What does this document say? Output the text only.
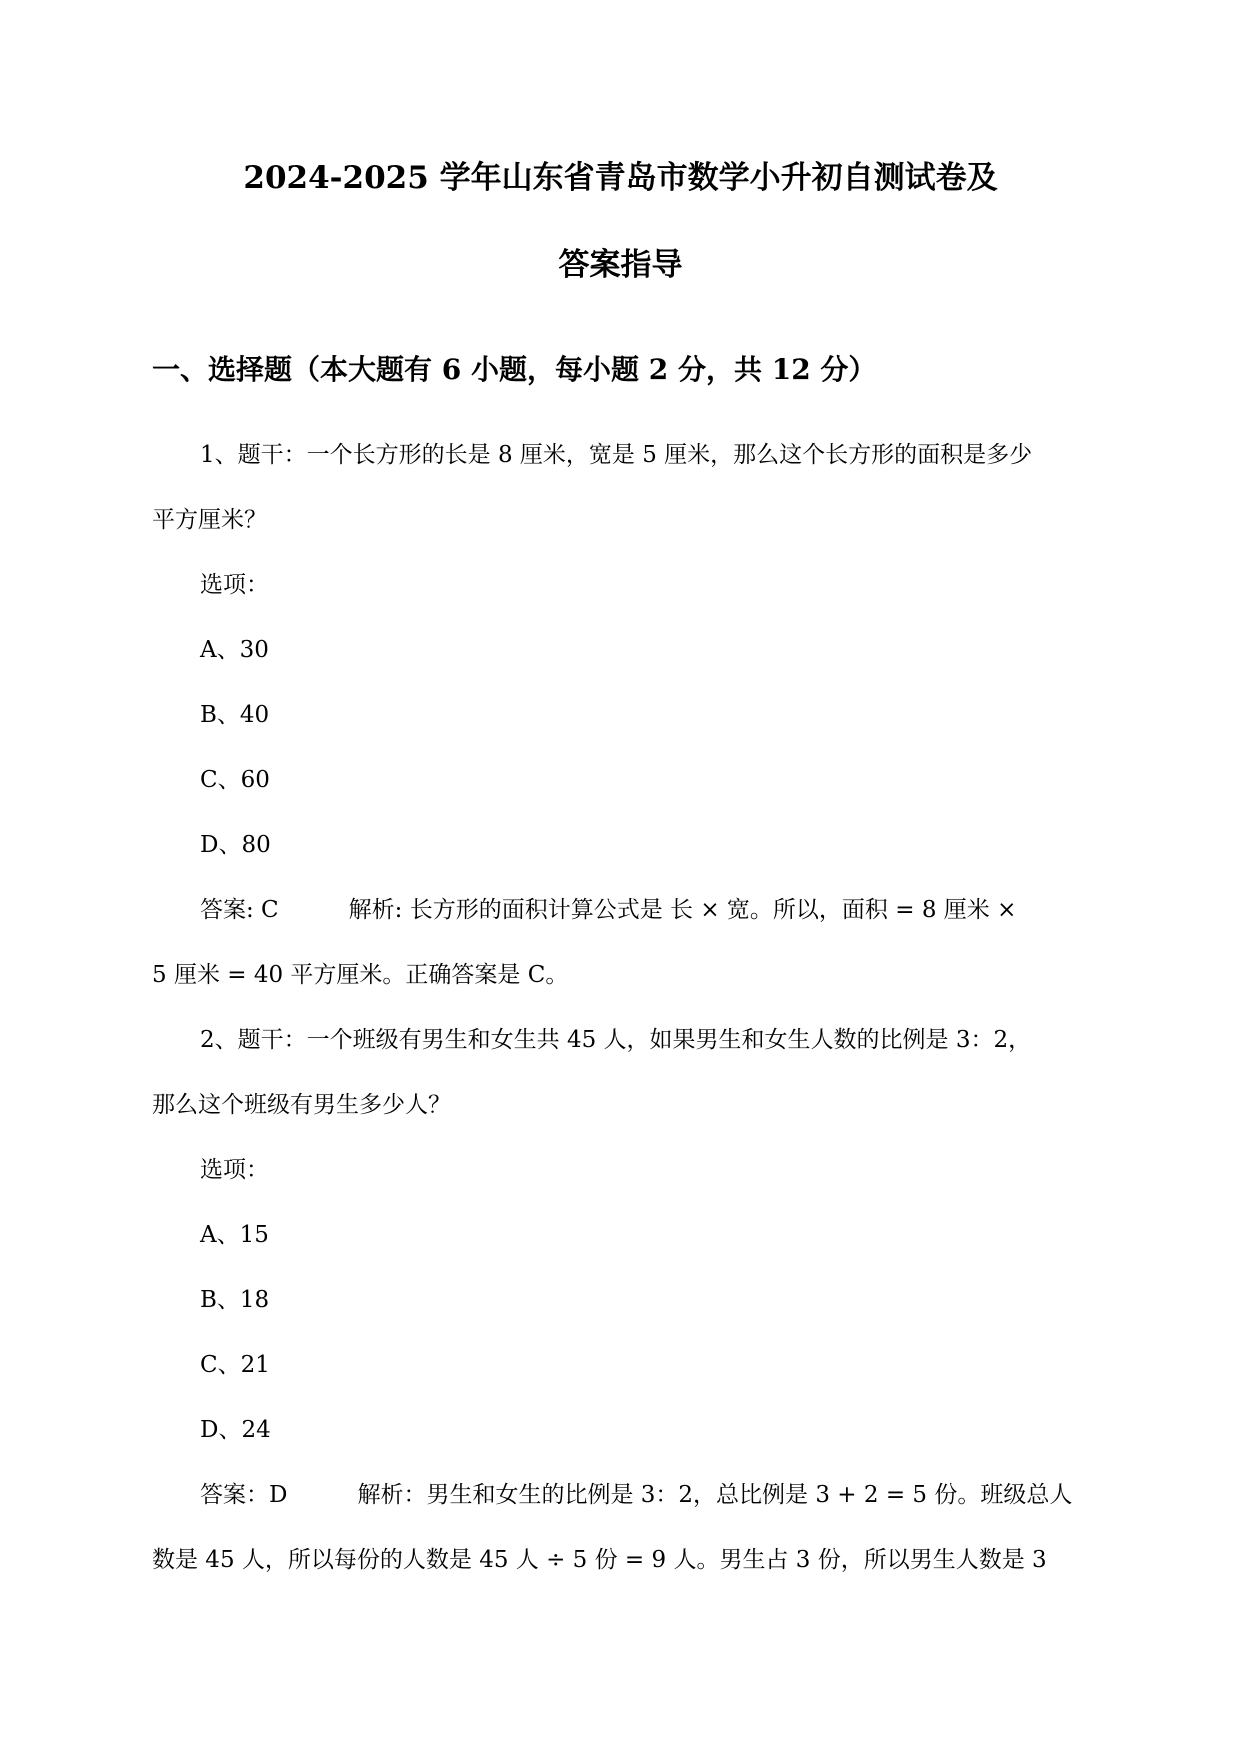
2024-2025 学年山东省青岛市数学小升初自测试卷及
答案指导
一、选择题（本大题有 6 小题，每小题 2 分，共 12 分）
1、题干：一个长方形的长是 8 厘米，宽是 5 厘米，那么这个长方形的面积是多少
平方厘米？
选项：
A、30
B、40
C、60
D、80
答案: C	解析: 长方形的面积计算公式是 长 × 宽。所以，面积 = 8 厘米 ×
5 厘米 = 40 平方厘米。正确答案是 C。
2、题干：一个班级有男生和女生共 45 人，如果男生和女生人数的比例是 3：2，
那么这个班级有男生多少人？
选项：
A、15
B、18
C、21
D、24
答案：D	解析：男生和女生的比例是 3：2，总比例是 3 + 2 = 5 份。班级总人
数是 45 人，所以每份的人数是 45 人 ÷ 5 份 = 9 人。男生占 3 份，所以男生人数是 3
